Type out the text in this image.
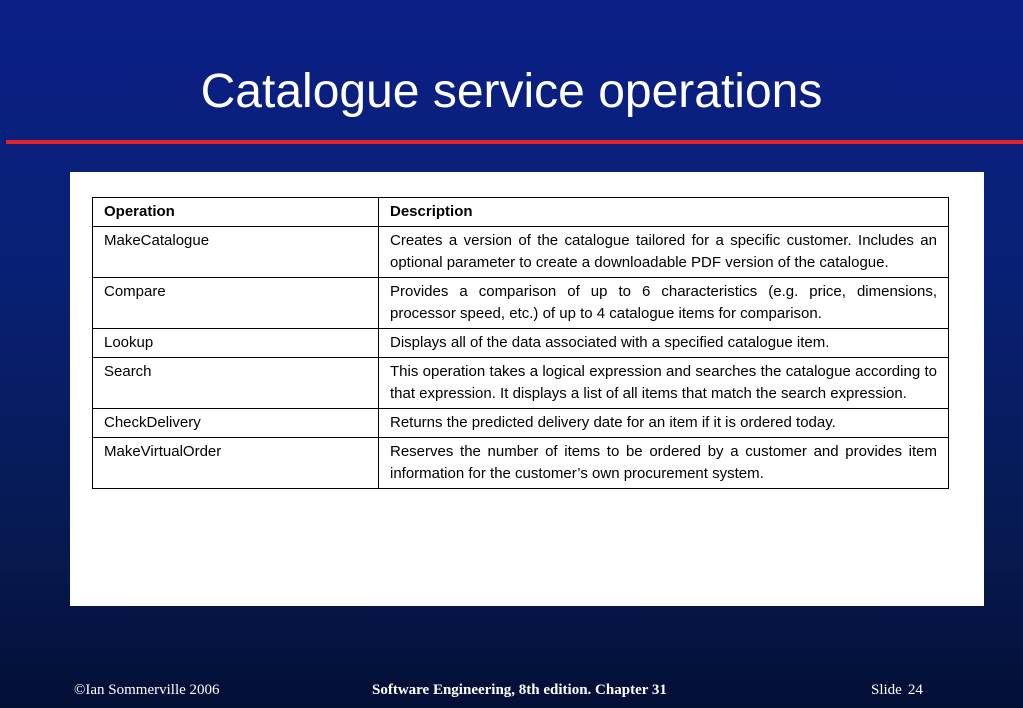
Catalogue service operations
Operation	Description
MakeCatalogue	Creates a version of the catalogue tailored for a specific customer. Includes an optional parameter to create a downloadable PDF version of the catalogue.
Compare	Provides a comparison of up to 6 characteristics (e.g. price, dimensions, processor speed, etc.) of up to 4 catalogue items for comparison.
Lookup	Displays all of the data associated with a specified catalogue item.
Search	This operation takes a logical expression and searches the catalogue according to that expression. It displays a list of all items that match the search expression.
CheckDelivery	Returns the predicted delivery date for an item if it is ordered today.
MakeVirtualOrder	Reserves the number of items to be ordered by a customer and provides item information for the customer’s own procurement system.
©Ian Sommerville 2006	Software Engineering, 8th edition. Chapter 31	Slide 24
